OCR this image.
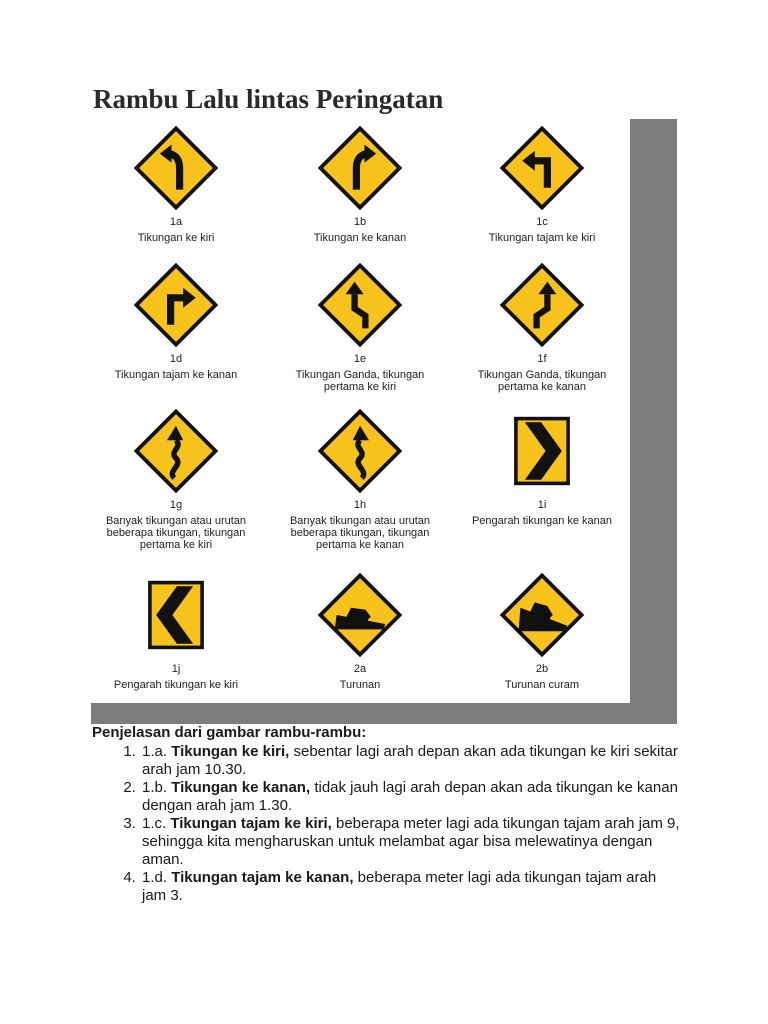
Rambu Lalu lintas Peringatan
1a
Tikungan ke kiri
1b
Tikungan ke kanan
1c
Tikungan tajam ke kiri
1d
Tikungan tajam ke kanan
1e
Tikungan Ganda, tikungan
pertama ke kiri
1f
Tikungan Ganda, tikungan
pertama ke kanan
1g
Banyak tikungan atau urutan
beberapa tikungan, tikungan
pertama ke kiri
1h
Banyak tikungan atau urutan
beberapa tikungan, tikungan
pertama ke kanan
1i
Pengarah tikungan ke kanan
1j
Pengarah tikungan ke kiri
2a
Turunan
2b
Turunan curam

Penjelasan dari gambar rambu-rambu:

1. 1.a. Tikungan ke kiri, sebentar lagi arah depan akan ada tikungan ke kiri sekitar arah jam 10.30.
2. 1.b. Tikungan ke kanan, tidak jauh lagi arah depan akan ada tikungan ke kanan dengan arah jam 1.30.
3. 1.c. Tikungan tajam ke kiri, beberapa meter lagi ada tikungan tajam arah jam 9, sehingga kita mengharuskan untuk melambat agar bisa melewatinya dengan aman.
4. 1.d. Tikungan tajam ke kanan, beberapa meter lagi ada tikungan tajam arah jam 3.
